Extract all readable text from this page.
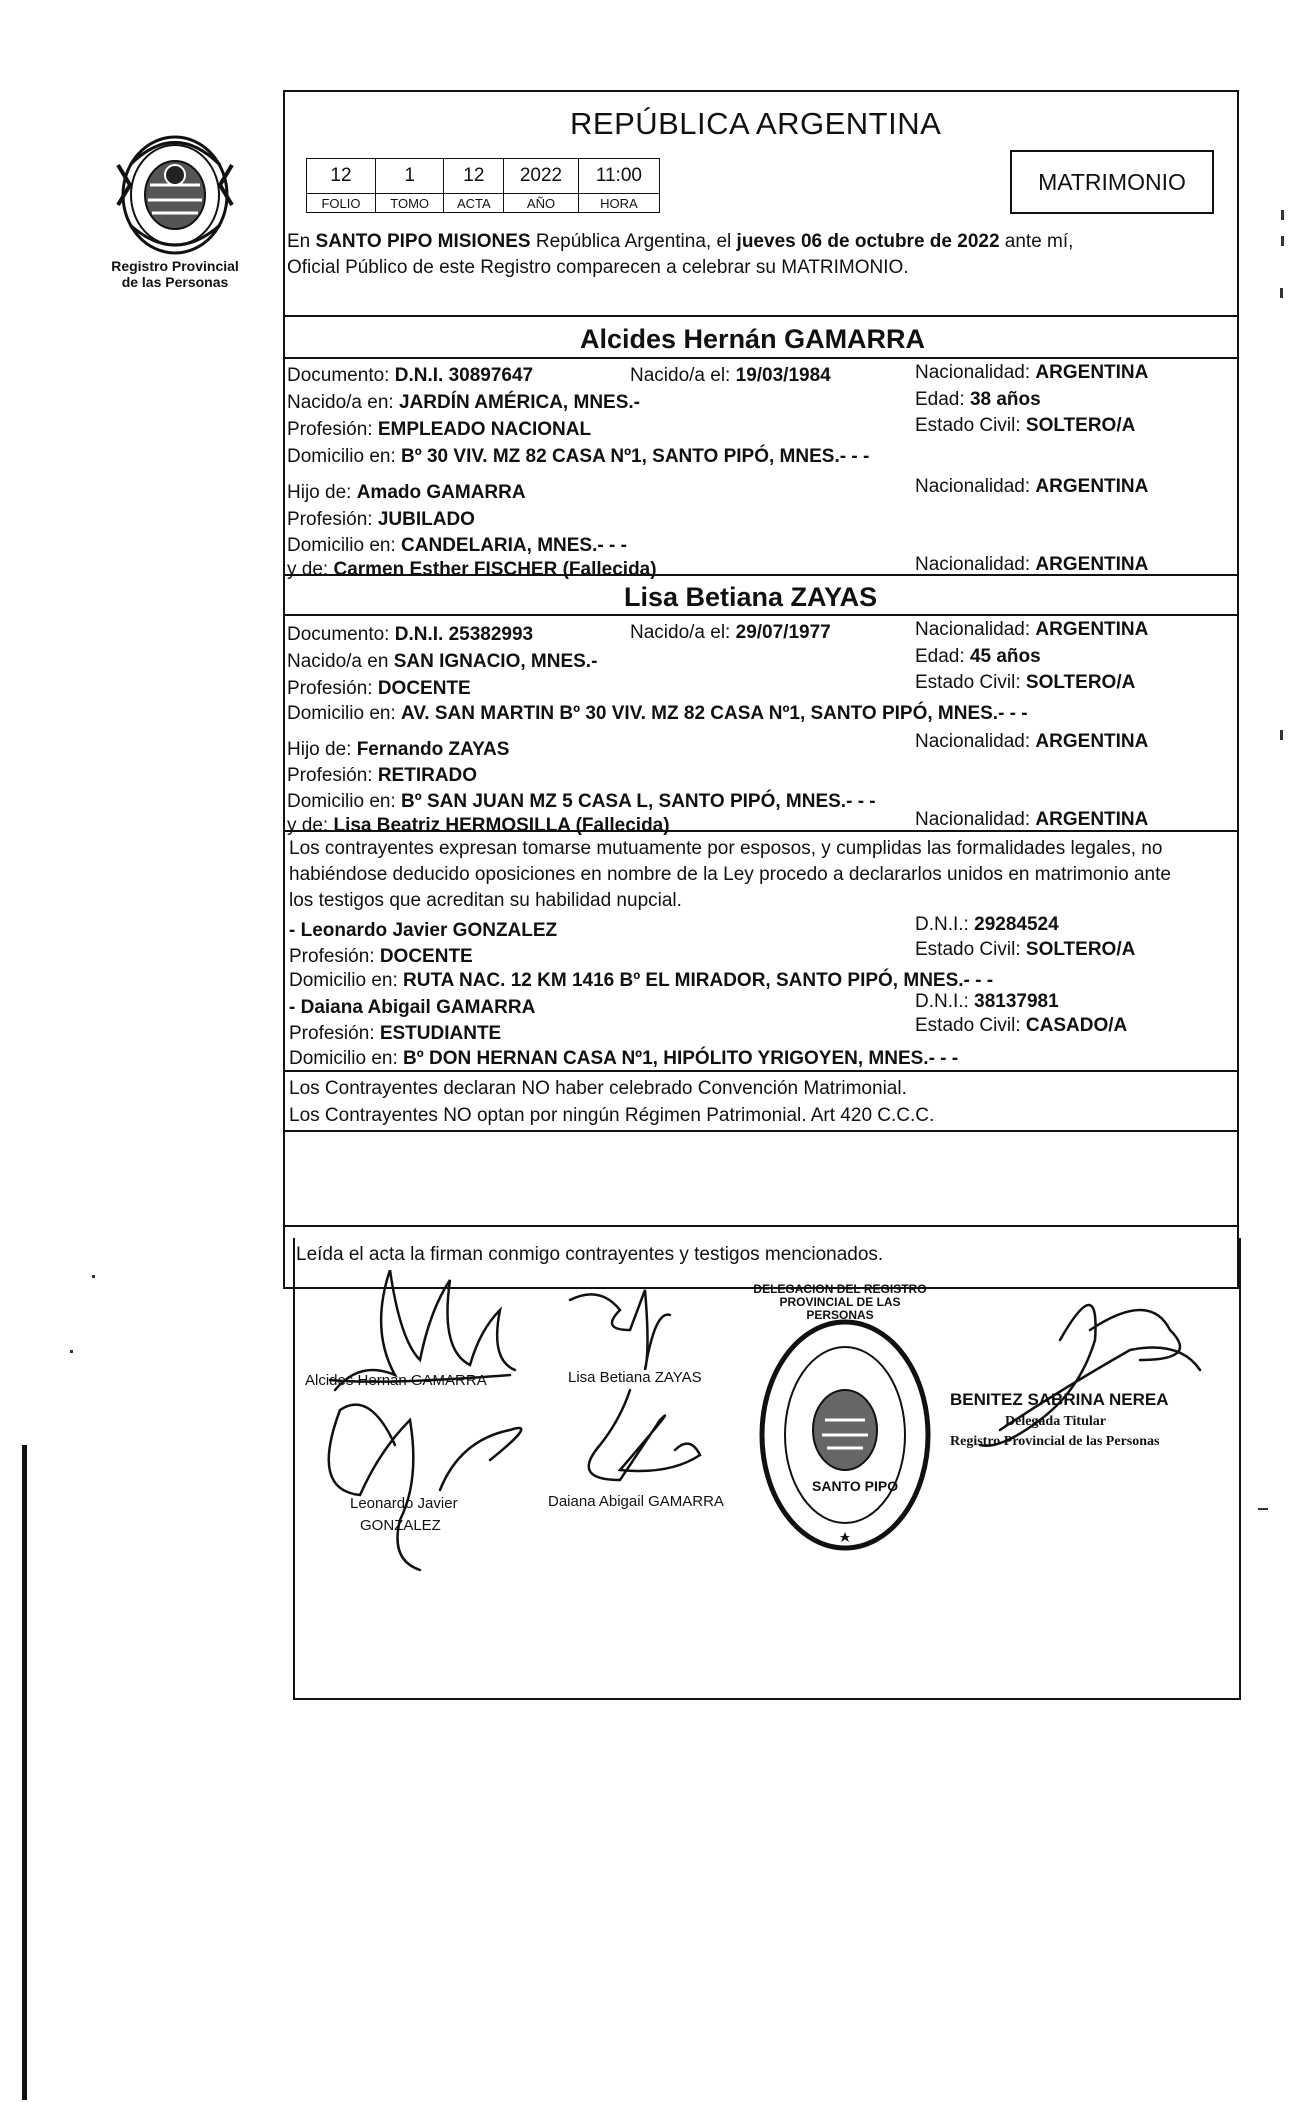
Registro Provincial
de las Personas
REPÚBLICA ARGENTINA
12	1	12	2022	11:00
FOLIO	TOMO	ACTA	AÑO	HORA
MATRIMONIO
En SANTO PIPO MISIONES República Argentina, el jueves 06 de octubre de 2022 ante mí,
Oficial Público de este Registro comparecen a celebrar su MATRIMONIO.
Alcides Hernán GAMARRA
Documento: D.N.I. 30897647	Nacido/a el: 19/03/1984	Nacionalidad: ARGENTINA
Nacido/a en: JARDÍN AMÉRICA, MNES.-	Edad: 38 años
Profesión: EMPLEADO NACIONAL	Estado Civil: SOLTERO/A
Domicilio en: Bº 30 VIV. MZ 82 CASA Nº1, SANTO PIPÓ, MNES.- - -
Hijo de: Amado GAMARRA	Nacionalidad: ARGENTINA
Profesión: JUBILADO
Domicilio en: CANDELARIA, MNES.- - -
y de: Carmen Esther FISCHER (Fallecida)	Nacionalidad: ARGENTINA
Lisa Betiana ZAYAS
Documento: D.N.I. 25382993	Nacido/a el: 29/07/1977	Nacionalidad: ARGENTINA
Nacido/a en SAN IGNACIO, MNES.-	Edad: 45 años
Profesión: DOCENTE	Estado Civil: SOLTERO/A
Domicilio en: AV. SAN MARTIN Bº 30 VIV. MZ 82 CASA Nº1, SANTO PIPÓ, MNES.- - -
Hijo de: Fernando ZAYAS	Nacionalidad: ARGENTINA
Profesión: RETIRADO
Domicilio en: Bº SAN JUAN MZ 5 CASA L, SANTO PIPÓ, MNES.- - -
y de: Lisa Beatriz HERMOSILLA (Fallecida)	Nacionalidad: ARGENTINA
Los contrayentes expresan tomarse mutuamente por esposos, y cumplidas las formalidades legales, no
habiéndose deducido oposiciones en nombre de la Ley procedo a declararlos unidos en matrimonio ante
los testigos que acreditan su habilidad nupcial.
- Leonardo Javier GONZALEZ	D.N.I.: 29284524
Profesión: DOCENTE	Estado Civil: SOLTERO/A
Domicilio en: RUTA NAC. 12 KM 1416 Bº EL MIRADOR, SANTO PIPÓ, MNES.- - -
- Daiana Abigail GAMARRA	D.N.I.: 38137981
Profesión: ESTUDIANTE	Estado Civil: CASADO/A
Domicilio en: Bº DON HERNAN CASA Nº1, HIPÓLITO YRIGOYEN, MNES.- - -
Los Contrayentes declaran NO haber celebrado Convención Matrimonial.
Los Contrayentes NO optan por ningún Régimen Patrimonial. Art 420 C.C.C.
Leída el acta la firman conmigo contrayentes y testigos mencionados.
Alcides Hernán GAMARRA	Lisa Betiana ZAYAS
Leonardo Javier
GONZALEZ
Daiana Abigail GAMARRA
DELEGACION DEL REGISTRO PROVINCIAL DE LAS PERSONAS
SANTO PIPO
BENITEZ SABRINA NEREA
Delegada Titular
Registro Provincial de las Personas
